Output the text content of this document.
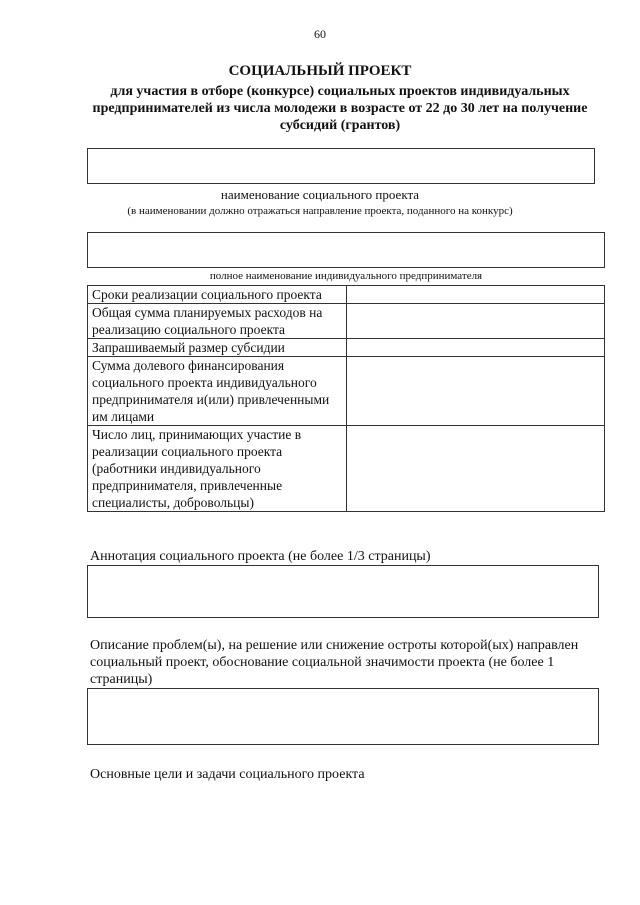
60
СОЦИАЛЬНЫЙ ПРОЕКТ
для участия в отборе (конкурсе) социальных проектов индивидуальных предпринимателей из числа молодежи в возрасте от 22 до 30 лет на получение субсидий (грантов)
наименование социального проекта
(в наименовании должно отражаться направление проекта, поданного на конкурс)
полное наименование индивидуального предпринимателя
Сроки реализации социального проекта	
Общая сумма планируемых расходов на реализацию социального проекта	
Запрашиваемый размер субсидии	
Сумма долевого финансирования социального проекта индивидуального предпринимателя и(или) привлеченными им лицами	
Число лиц, принимающих участие в реализации социального проекта (работники индивидуального предпринимателя, привлеченные специалисты, добровольцы)	
Аннотация социального проекта (не более 1/3 страницы)
Описание проблем(ы), на решение или снижение остроты которой(ых) направлен социальный проект, обоснование социальной значимости проекта (не более 1 страницы)
Основные цели и задачи социального проекта
